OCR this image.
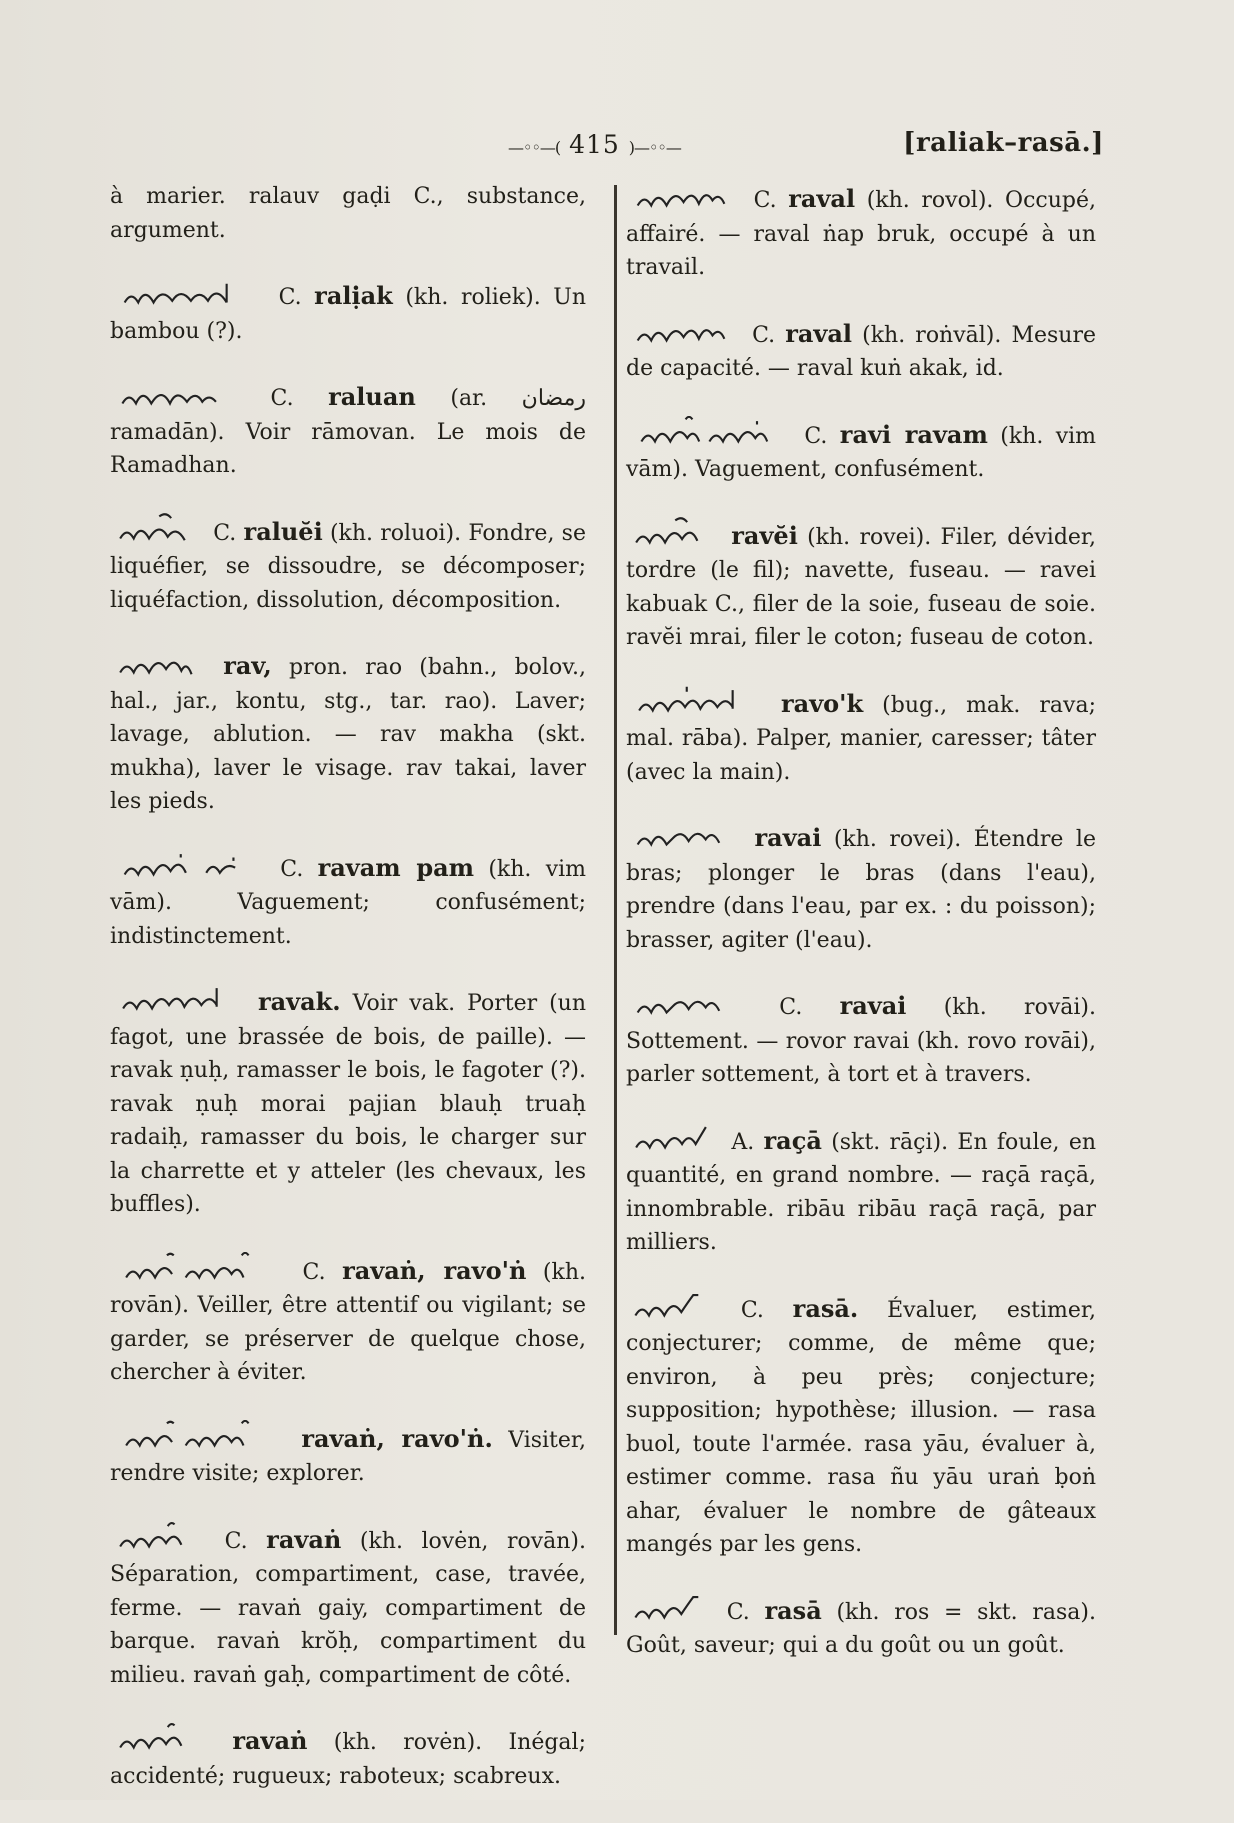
—◦◦—( 415 )—◦◦—	[raliak–rasā.]

à marier. ralauv gaḍi C., substance, argument.

C. ralịak (kh. roliek). Un bambou (?).

C. raluan (ar. رمضان ramadān). Voir rāmovan. Le mois de Ramadhan.

C. raluĕi (kh. roluoi). Fondre, se liquéfier, se dissoudre, se décomposer; liquéfaction, dissolution, décomposition.

rav, pron. rao (bahn., bolov., hal., jar., kontu, stg., tar. rao). Laver; lavage, ablution. — rav makha (skt. mukha), laver le visage. rav takai, laver les pieds.

C. ravam pam (kh. vim vām). Vaguement; confusément; indistinctement.

ravak. Voir vak. Porter (un fagot, une brassée de bois, de paille). — ravak ṇuḥ, ramasser le bois, le fagoter (?). ravak ṇuḥ morai pajian blauḥ truaḥ radaiḥ, ramasser du bois, le charger sur la charrette et y atteler (les chevaux, les buffles).

C. ravaṅ, ravo'ṅ (kh. rovān). Veiller, être attentif ou vigilant; se garder, se préserver de quelque chose, chercher à éviter.

ravaṅ, ravo'ṅ. Visiter, rendre visite; explorer.

C. ravaṅ (kh. lovėn, rovān). Séparation, compartiment, case, travée, ferme. — ravaṅ gaiy, compartiment de barque. ravaṅ krŏḥ, compartiment du milieu. ravaṅ gaḥ, compartiment de côté.

ravaṅ (kh. rovėn). Inégal; accidenté; rugueux; raboteux; scabreux.

C. raval (kh. rovol). Occupé, affairé. — raval ṅap bruk, occupé à un travail.

C. raval (kh. roṅvāl). Mesure de capacité. — raval kuṅ akak, id.

C. ravi ravam (kh. vim vām). Vaguement, confusément.

ravĕi (kh. rovei). Filer, dévider, tordre (le fil); navette, fuseau. — ravei kabuak C., filer de la soie, fuseau de soie. ravĕi mrai, filer le coton; fuseau de coton.

ravo'k (bug., mak. rava; mal. rāba). Palper, manier, caresser; tâter (avec la main).

ravai (kh. rovei). Étendre le bras; plonger le bras (dans l'eau), prendre (dans l'eau, par ex. : du poisson); brasser, agiter (l'eau).

C. ravai (kh. rovāi). Sottement. — rovor ravai (kh. rovo rovāi), parler sottement, à tort et à travers.

A. raçā (skt. rāçi). En foule, en quantité, en grand nombre. — raçā raçā, innombrable. ribāu ribāu raçā raçā, par milliers.

C. rasā. Évaluer, estimer, conjecturer; comme, de même que; environ, à peu près; conjecture; supposition; hypothèse; illusion. — rasa buol, toute l'armée. rasa yāu, évaluer à, estimer comme. rasa ñu yāu uraṅ ḅoṅ ahar, évaluer le nombre de gâteaux mangés par les gens.

C. rasā (kh. ros = skt. rasa). Goût, saveur; qui a du goût ou un goût.
